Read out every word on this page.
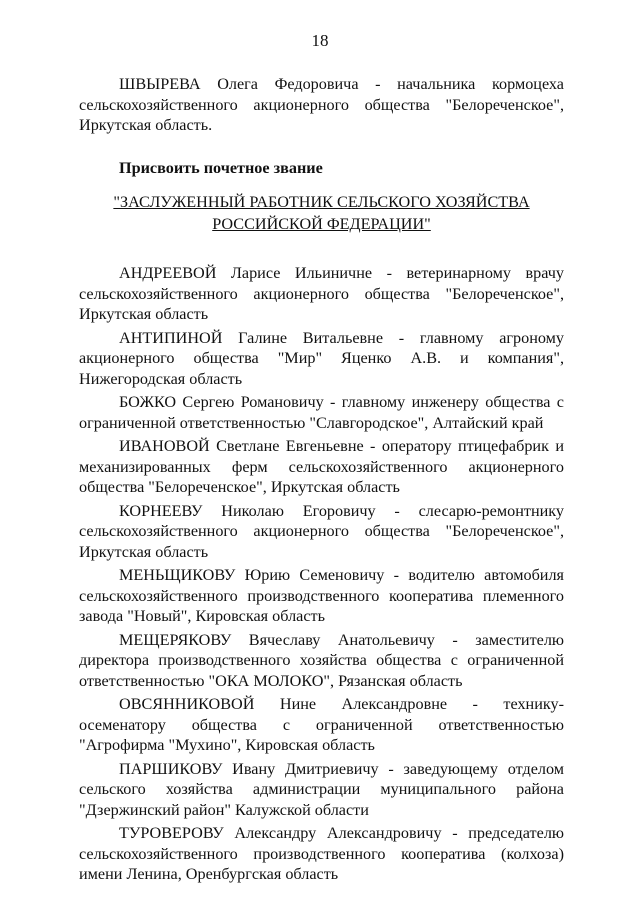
18

ШВЫРЕВА Олега Федоровича - начальника кормоцеха сельскохозяйственного акционерного общества "Белореченское", Иркутская область.

Присвоить почетное звание

"ЗАСЛУЖЕННЫЙ РАБОТНИК СЕЛЬСКОГО ХОЗЯЙСТВА
РОССИЙСКОЙ ФЕДЕРАЦИИ"

АНДРЕЕВОЙ Ларисе Ильиничне - ветеринарному врачу сельскохозяйственного акционерного общества "Белореченское", Иркутская область

АНТИПИНОЙ Галине Витальевне - главному агроному акционерного общества "Мир" Яценко А.В. и компания", Нижегородская область

БОЖКО Сергею Романовичу - главному инженеру общества с ограниченной ответственностью "Славгородское", Алтайский край

ИВАНОВОЙ Светлане Евгеньевне - оператору птицефабрик и механизированных ферм сельскохозяйственного акционерного общества "Белореченское", Иркутская область

КОРНЕЕВУ Николаю Егоровичу - слесарю-ремонтнику сельскохозяйственного акционерного общества "Белореченское", Иркутская область

МЕНЬЩИКОВУ Юрию Семеновичу - водителю автомобиля сельскохозяйственного производственного кооператива племенного завода "Новый", Кировская область

МЕЩЕРЯКОВУ Вячеславу Анатольевичу - заместителю директора производственного хозяйства общества с ограниченной ответственностью "ОКА МОЛОКО", Рязанская область

ОВСЯННИКОВОЙ Нине Александровне - технику-осеменатору общества с ограниченной ответственностью "Агрофирма "Мухино", Кировская область

ПАРШИКОВУ Ивану Дмитриевичу - заведующему отделом сельского хозяйства администрации муниципального района "Дзержинский район" Калужской области

ТУРОВЕРОВУ Александру Александровичу - председателю сельскохозяйственного производственного кооператива (колхоза) имени Ленина, Оренбургская область
